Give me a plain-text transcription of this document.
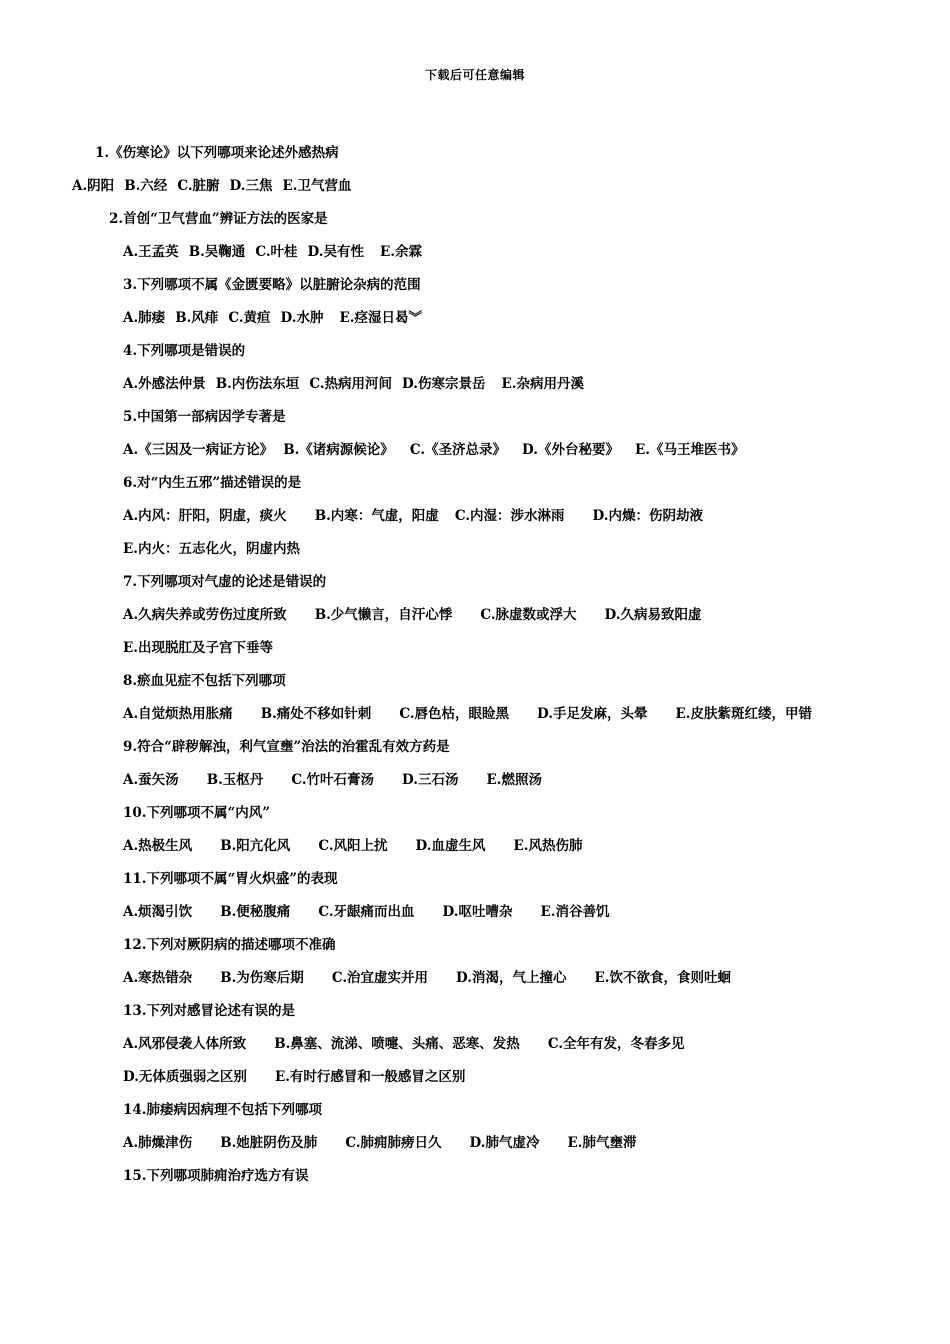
下载后可任意编辑
1.《伤寒论》以下列哪项来论述外感热病
A.阴阳 B.六经 C.脏腑 D.三焦 E.卫气营血
2.首创“卫气营血”辨证方法的医家是
A.王孟英 B.吴鞠通 C.叶桂 D.吴有性 E.余霖
3.下列哪项不属《金匮要略》以脏腑论杂病的范围
A.肺痿 B.风痱 C.黄疸 D.水肿 E.痉湿日曷︾
4.下列哪项是错误的
A.外感法仲景 B.内伤法东垣 C.热病用河间 D.伤寒宗景岳 E.杂病用丹溪
5.中国第一部病因学专著是
A.《三因及一病证方论》 B.《诸病源候论》 C.《圣济总录》 D.《外台秘要》 E.《马王堆医书》
6.对“内生五邪”描述错误的是
A.内风：肝阳，阴虚，痰火 B.内寒：气虚，阳虚 C.内湿：涉水淋雨 D.内燥：伤阴劫液
E.内火：五志化火，阴虚内热
7.下列哪项对气虚的论述是错误的
A.久病失养或劳伤过度所致 B.少气懒言，自汗心悸 C.脉虚数或浮大 D.久病易致阳虚
E.出现脱肛及子宫下垂等
8.瘀血见症不包括下列哪项
A.自觉烦热用胀痛 B.痛处不移如针刺 C.唇色枯，眼睑黑 D.手足发麻，头晕 E.皮肤紫斑红缕，甲错
9.符合“辟秽解浊，利气宣壅”治法的治霍乱有效方药是
A.蚕矢汤 B.玉枢丹 C.竹叶石膏汤 D.三石汤 E.燃照汤
10.下列哪项不属“内风”
A.热极生风 B.阳亢化风 C.风阳上扰 D.血虚生风 E.风热伤肺
11.下列哪项不属“胃火炽盛”的表现
A.烦渴引饮 B.便秘腹痛 C.牙龈痛而出血 D.呕吐嘈杂 E.消谷善饥
12.下列对厥阴病的描述哪项不准确
A.寒热错杂 B.为伤寒后期 C.治宜虚实并用 D.消渴，气上撞心 E.饮不欲食，食则吐蛔
13.下列对感冒论述有误的是
A.风邪侵袭人体所致 B.鼻塞、流涕、喷嚏、头痛、恶寒、发热 C.全年有发，冬春多见
D.无体质强弱之区别 E.有时行感冒和一般感冒之区别
14.肺痿病因病理不包括下列哪项
A.肺燥津伤 B.她脏阴伤及肺 C.肺痈肺痨日久 D.肺气虚冷 E.肺气壅滞
15.下列哪项肺痈治疗选方有误
